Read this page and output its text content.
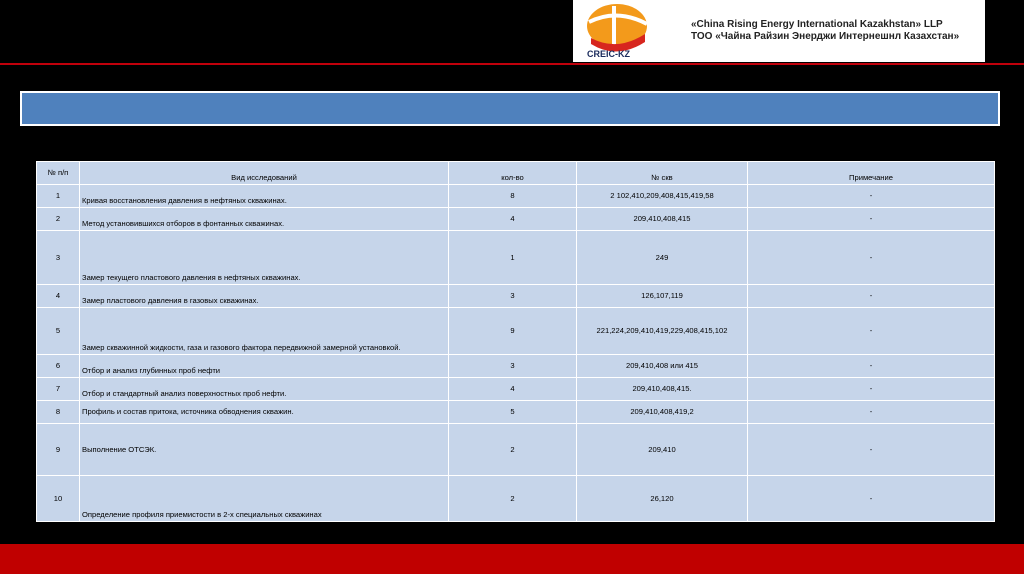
CREIC-KZ
«China Rising Energy International Kazakhstan» LLP
ТОО «Чайна Райзин Энерджи Интернешнл Казахстан»
№ п/п	Вид исследований	кол-во	№ скв	Примечание
1	Кривая восстановления давления в нефтяных скважинах.	8	2 102,410,209,408,415,419,58	-
2	Метод установившихся отборов в фонтанных скважинах.	4	209,410,408,415	-
3	Замер текущего пластового давления в нефтяных скважинах.	1	249	-
4	Замер пластового давления в газовых скважинах.	3	126,107,119	-
5	Замер скважинной жидкости, газа и газового фактора передвижной замерной установкой.	9	221,224,209,410,419,229,408,415,102	-
6	Отбор и анализ глубинных проб нефти	3	209,410,408 или 415	-
7	Отбор и стандартный анализ поверхностных проб нефти.	4	209,410,408,415.	-
8	Профиль и состав притока, источника обводнения скважин.	5	209,410,408,419,2	-
9	Выполнение ОТСЭК.	2	209,410	-
10	Определение профиля приемистости в 2-х специальных скважинах	2	26,120	-
